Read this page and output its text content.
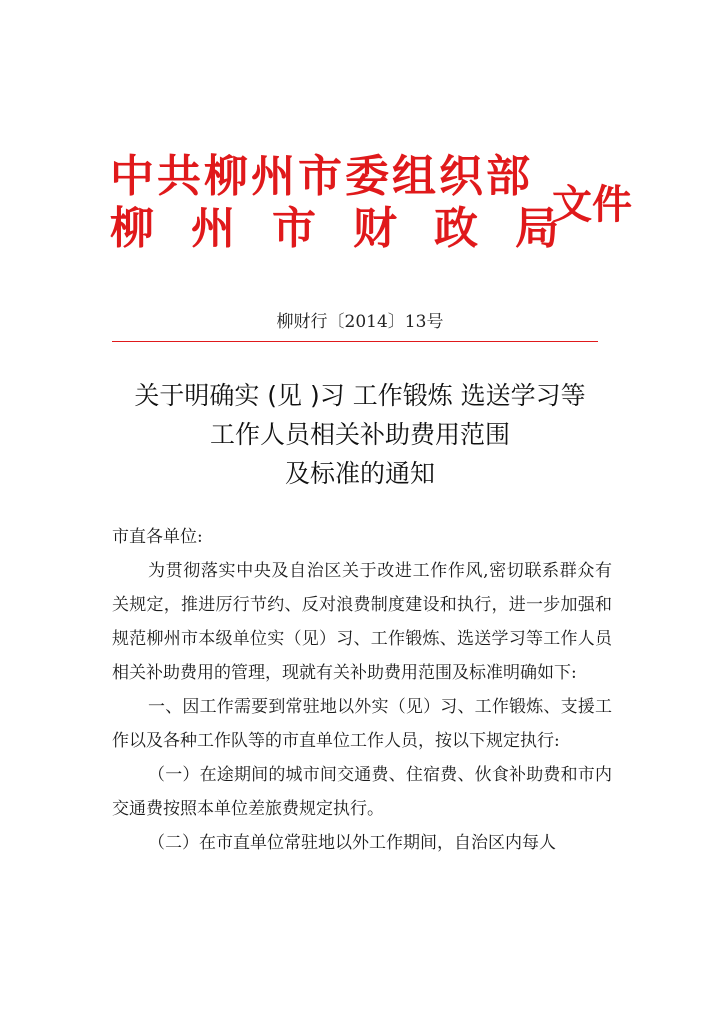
中共柳州市委组织部
柳州市财政局
文件
柳财行〔2014〕13号
关于明确实 (见 )习 工作锻炼 选送学习等
工作人员相关补助费用范围
及标准的通知
市直各单位:

为贯彻落实中央及自治区关于改进工作作风,密切联系群众有关规定，推进厉行节约、反对浪费制度建设和执行，进一步加强和规范柳州市本级单位实（见）习、工作锻炼、选送学习等工作人员相关补助费用的管理，现就有关补助费用范围及标准明确如下:

一、因工作需要到常驻地以外实（见）习、工作锻炼、支援工作以及各种工作队等的市直单位工作人员，按以下规定执行:

（一）在途期间的城市间交通费、住宿费、伙食补助费和市内交通费按照本单位差旅费规定执行。

（二）在市直单位常驻地以外工作期间，自治区内每人
